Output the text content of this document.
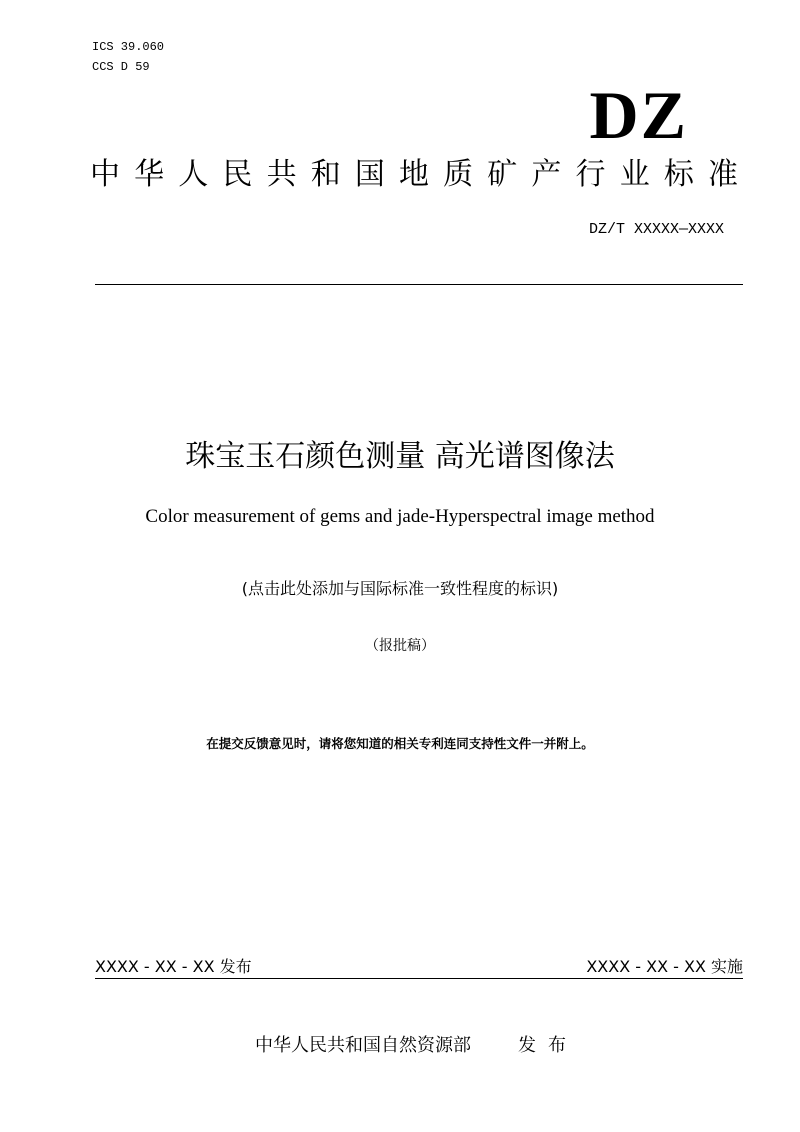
ICS 39.060
CCS D 59
DZ
中 华 人 民 共 和 国 地 质 矿 产 行 业 标 准
DZ/T XXXXX—XXXX
珠宝玉石颜色测量 高光谱图像法
Color measurement of gems and jade-Hyperspectral image method
(点击此处添加与国际标准一致性程度的标识)
（报批稿）
在提交反馈意见时，请将您知道的相关专利连同支持性文件一并附上。
XXXX - XX - XX 发布	XXXX - XX - XX 实施
中华人民共和国自然资源部	发布
